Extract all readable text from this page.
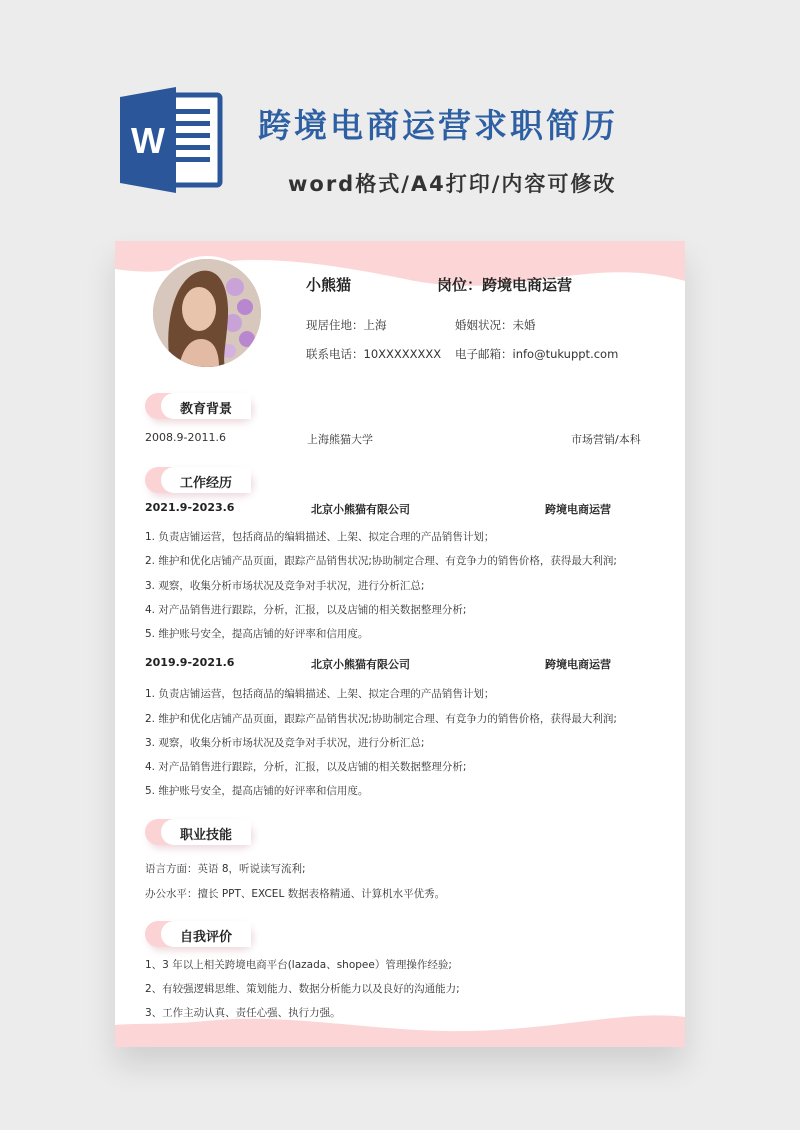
W	跨境电商运营求职简历
word格式/A4打印/内容可修改
小熊猫	岗位：跨境电商运营
现居住地：上海	婚姻状况：未婚
联系电话：10XXXXXXXX 电子邮箱：info@tukuppt.com
教育背景
2008.9-2011.6	上海熊猫大学	市场营销/本科
工作经历
2021.9-2023.6	北京小熊猫有限公司	跨境电商运营
1. 负责店铺运营，包括商品的编辑描述、上架、拟定合理的产品销售计划；
2. 维护和优化店铺产品页面，跟踪产品销售状况;协助制定合理、有竞争力的销售价格，获得最大利润;
3. 观察，收集分析市场状况及竞争对手状况，进行分析汇总;
4. 对产品销售进行跟踪，分析，汇报，以及店铺的相关数据整理分析;
5. 维护账号安全，提高店铺的好评率和信用度。
2019.9-2021.6	北京小熊猫有限公司	跨境电商运营
1. 负责店铺运营，包括商品的编辑描述、上架、拟定合理的产品销售计划；
2. 维护和优化店铺产品页面，跟踪产品销售状况;协助制定合理、有竞争力的销售价格，获得最大利润;
3. 观察，收集分析市场状况及竞争对手状况，进行分析汇总;
4. 对产品销售进行跟踪，分析，汇报，以及店铺的相关数据整理分析;
5. 维护账号安全，提高店铺的好评率和信用度。
职业技能
语言方面：英语 8，听说读写流利;
办公水平：擅长 PPT、EXCEL 数据表格精通、计算机水平优秀。
自我评价
1、3 年以上相关跨境电商平台(lazada、shopee）管理操作经验;
2、有较强逻辑思维、策划能力、数据分析能力以及良好的沟通能力;
3、工作主动认真、责任心强、执行力强。
